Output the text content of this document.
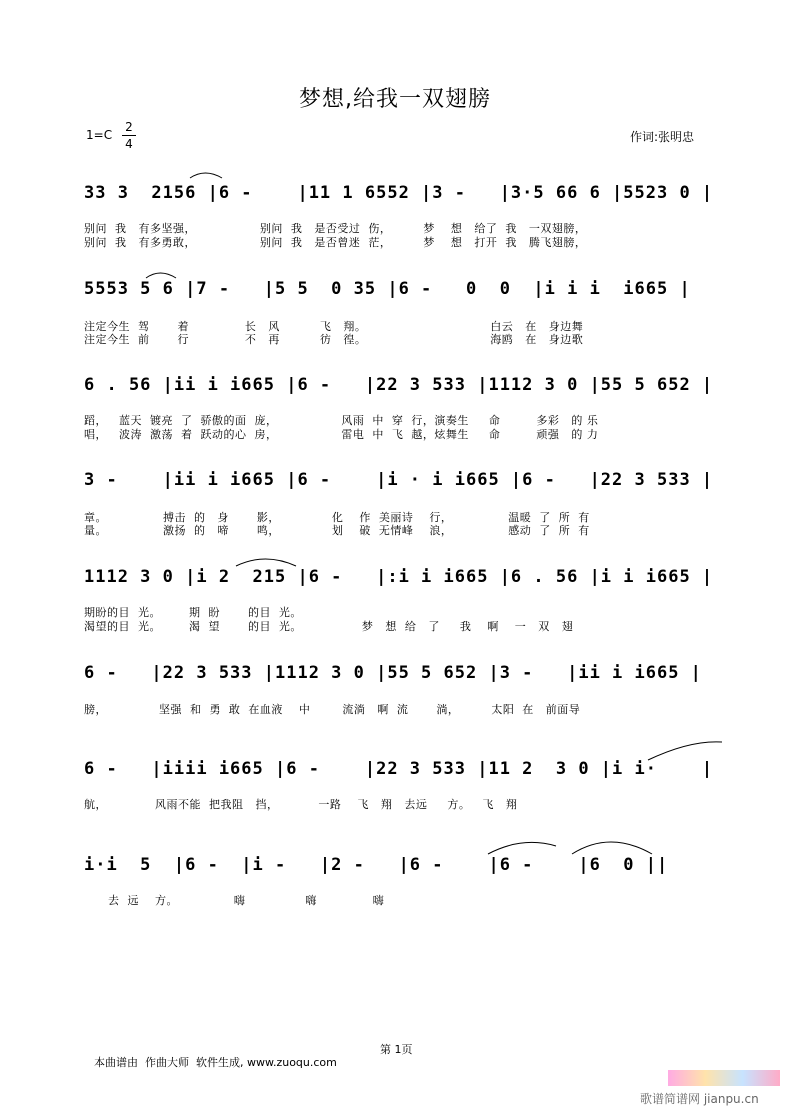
梦想,给我一双翅膀
1=C
2
4	作词:张明忠
33 3  2156 |6 -    |11 1 6552 |3 -   |3·5 66 6 |5523 0 |
别问  我   有多坚强，                别问  我   是否受过  伤，        梦    想   给了  我   一双翅膀，
别问  我   有多勇敢，                别问  我   是否曾迷  茫，        梦    想   打开  我   腾飞翅膀，
5553 5 6 |7 -   |5 5  0 35 |6 -   0  0  |i i i  i665 |
注定今生  驾       着              长   风          飞   翔。                               白云   在   身边舞
注定今生  前       行              不   再          彷   徨。                               海鸥   在   身边歌
6 . 56 |ii i i665 |6 -   |22 3 533 |1112 3 0 |55 5 652 |
蹈，   蓝天  镀亮  了  骄傲的面  庞，                风雨  中  穿  行，演奏生     命         多彩   的 乐
唱，   波涛  激荡  着  跃动的心  房，                雷电  中  飞  越，炫舞生     命         顽强   的 力
3 -    |ii i i665 |6 -    |i · i i665 |6 -   |22 3 533 |
章。              搏击  的   身       影，             化    作  美丽诗    行，              温暖  了  所  有
量。              激扬  的   啼       鸣，             划    破  无情峰    浪，              感动  了  所  有
1112 3 0 |i 2  215 |6 -   |:i i i665 |6 . 56 |i i i665 |
期盼的目  光。       期  盼       的目  光。
渴望的目  光。       渴  望       的目  光。               梦   想  给   了     我    啊    一   双   翅
6 -   |22 3 533 |1112 3 0 |55 5 652 |3 -   |ii i i665 |
膀，             坚强  和  勇  敢  在血液    中        流淌   啊  流       淌，        太阳  在   前面导
6 -   |iiii i665 |6 -    |22 3 533 |11 2  3 0 |i i·    |
航，            风雨不能  把我阻   挡，          一路    飞   翔   去远     方。   飞   翔
i·i  5  |6 -  |i -   |2 -   |6 -    |6 -    |6  0 ||
去  远    方。              嗨               嗨              嗨
第 1页
本曲谱由  作曲大师  软件生成, www.zuoqu.com
歌谱简谱网 jianpu.cn
